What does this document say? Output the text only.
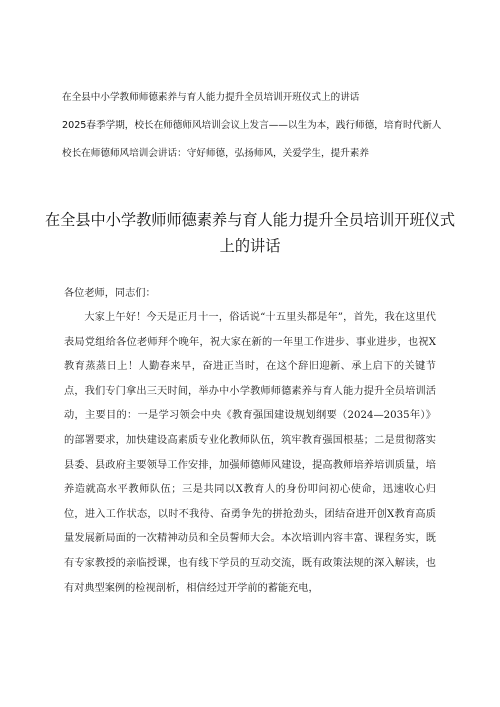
在全县中小学教师师德素养与育人能力提升全员培训开班仪式上的讲话
2025春季学期，校长在师德师风培训会议上发言——以生为本，践行师德，培育时代新人
校长在师德师风培训会讲话：守好师德，弘扬师风，关爱学生，提升素养
在全县中小学教师师德素养与育人能力提升全员培训开班仪式上的讲话
各位老师，同志们：

大家上午好！今天是正月十一，俗话说“十五里头都是年”，首先，我在这里代表局党组给各位老师拜个晚年，祝大家在新的一年里工作进步、事业进步，也祝X教育蒸蒸日上！人勤春来早，奋进正当时，在这个辞旧迎新、承上启下的关键节点，我们专门拿出三天时间，举办中小学教师师德素养与育人能力提升全员培训活动，主要目的：一是学习领会中央《教育强国建设规划纲要（2024—2035年）》的部署要求，加快建设高素质专业化教师队伍，筑牢教育强国根基；二是贯彻落实县委、县政府主要领导工作安排，加强师德师风建设，提高教师培养培训质量，培养造就高水平教师队伍；三是共同以X教育人的身份叩问初心使命，迅速收心归位，进入工作状态，以时不我待、奋勇争先的拼抢劲头，团结奋进开创X教育高质量发展新局面的一次精神动员和全员誓师大会。本次培训内容丰富、课程务实，既有专家教授的亲临授课，也有线下学员的互动交流，既有政策法规的深入解读，也有对典型案例的检视剖析，相信经过开学前的蓄能充电，
